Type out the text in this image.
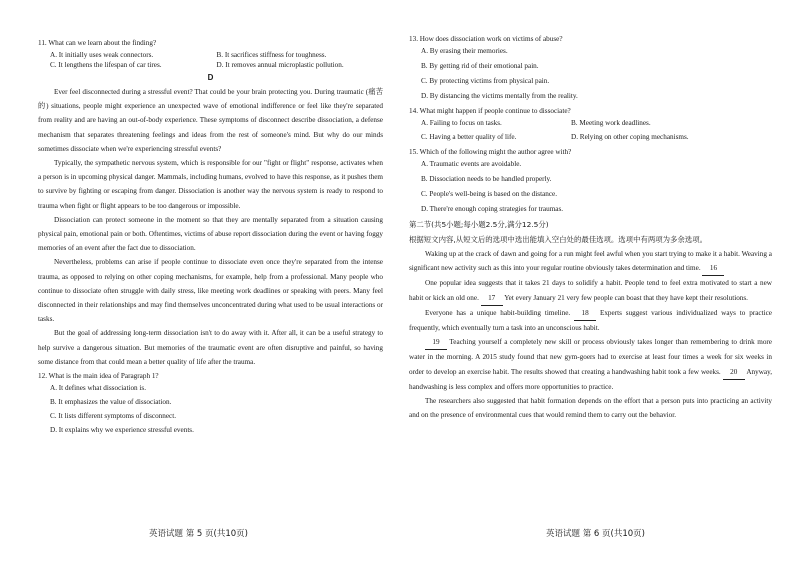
11. What can we learn about the finding?

A. It initially uses weak connectors.	B. It sacrifices stiffness for toughness.
C. It lengthens the lifespan of car tires.	D. It removes annual microplastic pollution.

D

Ever feel disconnected during a stressful event? That could be your brain protecting you. During traumatic (痛苦的) situations, people might experience an unexpected wave of emotional indifference or feel like they're separated from reality and are having an out-of-body experience. These symptoms of disconnect describe dissociation, a defense mechanism that separates threatening feelings and ideas from the rest of someone's mind. But why do our minds sometimes dissociate when we're experiencing stressful events?

Typically, the sympathetic nervous system, which is responsible for our "fight or flight" response, activates when a person is in upcoming physical danger. Mammals, including humans, evolved to have this response, as it pushes them to survive by fighting or escaping from danger. Dissociation is another way the nervous system is ready to respond to trauma when fight or flight appears to be too dangerous or impossible.

Dissociation can protect someone in the moment so that they are mentally separated from a situation causing physical pain, emotional pain or both. Oftentimes, victims of abuse report dissociation during the event or having foggy memories of an event after the fact due to dissociation.

Nevertheless, problems can arise if people continue to dissociate even once they're separated from the intense trauma, as opposed to relying on other coping mechanisms, for example, help from a professional. Many people who continue to dissociate often struggle with daily stress, like meeting work deadlines or speaking with peers. Many feel disconnected in their relationships and may find themselves unconcentrated during what used to be usual interactions or tasks.

But the goal of addressing long-term dissociation isn't to do away with it. After all, it can be a useful strategy to help survive a dangerous situation. But memories of the traumatic event are often disruptive and painful, so having some distance from that could mean a better quality of life after the trauma.

12. What is the main idea of Paragraph 1?

A. It defines what dissociation is.

B. It emphasizes the value of dissociation.

C. It lists different symptoms of disconnect.

D. It explains why we experience stressful events.

英语试题 第 5 页(共10页)

13. How does dissociation work on victims of abuse?

A. By erasing their memories.

B. By getting rid of their emotional pain.

C. By protecting victims from physical pain.

D. By distancing the victims mentally from the reality.

14. What might happen if people continue to dissociate?

A. Failing to focus on tasks.	B. Meeting work deadlines.
C. Having a better quality of life.	D. Relying on other coping mechanisms.

15. Which of the following might the author agree with?

A. Traumatic events are avoidable.

B. Dissociation needs to be handled properly.

C. People's well-being is based on the distance.

D. There're enough coping strategies for traumas.

第二节(共5小题;每小题2.5分,满分12.5分)

根据短文内容,从短文后的选项中选出能填入空白处的最佳选项。选项中有两项为多余选项。

Waking up at the crack of dawn and going for a run might feel awful when you start trying to make it a habit. Weaving a significant new activity such as this into your regular routine obviously takes determination and time. 16

One popular idea suggests that it takes 21 days to solidify a habit. People tend to feel extra motivated to start a new habit or kick an old one. 17 Yet every January 21 very few people can boast that they have kept their resolutions.

Everyone has a unique habit-building timeline. 18 Experts suggest various individualized ways to practice frequently, which eventually turn a task into an unconscious habit.

19 Teaching yourself a completely new skill or process obviously takes longer than remembering to drink more water in the morning. A 2015 study found that new gym-goers had to exercise at least four times a week for six weeks in order to develop an exercise habit. The results showed that creating a handwashing habit took a few weeks. 20 Anyway, handwashing is less complex and offers more opportunities to practice.

The researchers also suggested that habit formation depends on the effort that a person puts into practicing an activity and on the presence of environmental cues that would remind them to carry out the behavior.

英语试题 第 6 页(共10页)
